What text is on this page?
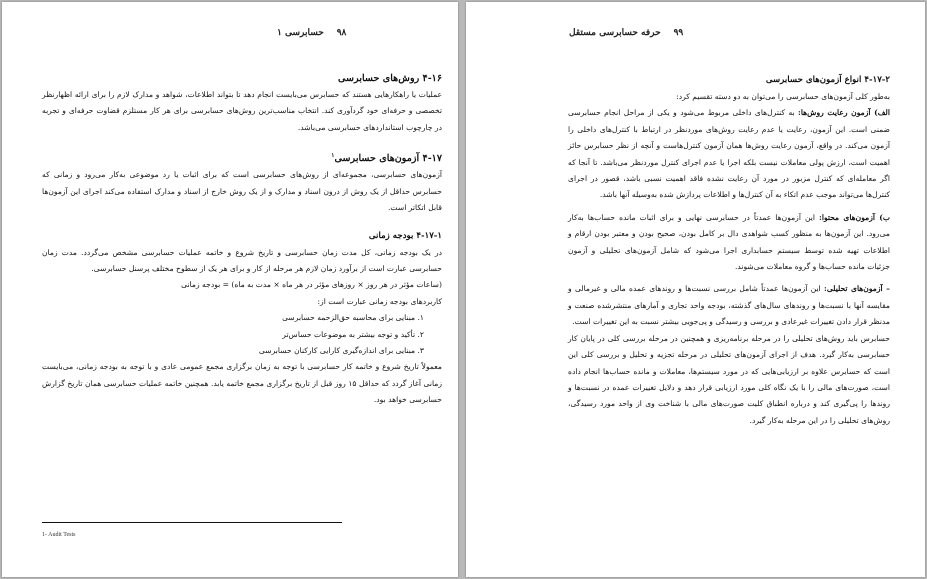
۹۸ حسابرسی ۱
۴-۱۶ روش‌های حسابرسی

عملیات یا راهکارهایی هستند که حسابرس می‌بایست انجام دهد تا بتواند اطلاعات، شواهد و مدارک لازم را برای ارائه اظهارنظر تخصصی و حرفه‌ای خود گردآوری کند. انتخاب مناسب‌ترین روش‌های حسابرسی برای هر کار مستلزم قضاوت حرفه‌ای و تجربه در چارچوب استانداردهای حسابرسی می‌باشد.

۴-۱۷ آزمون‌های حسابرسی$^۱$

آزمون‌های حسابرسی، مجموعه‌ای از روش‌های حسابرسی است که برای اثبات یا رد موضوعی به‌کار می‌رود و زمانی که حسابرس حداقل از یک روش از درون اسناد و مدارک و از یک روش خارج از اسناد و مدارک استفاده می‌کند اجرای این آزمون‌ها قابل اتکاتر است.

۴-۱۷-۱ بودجه زمانی

در یک بودجه زمانی، کل مدت زمان حسابرسی و تاریخ شروع و خاتمه عملیات حسابرسی مشخص می‌گردد. مدت زمان حسابرسی عبارت است از برآورد زمان لازم هر مرحله از کار و برای هر یک از سطوح مختلف پرسنل حسابرسی.

(ساعات مؤثر در هر روز × روزهای مؤثر در هر ماه × مدت به ماه) = بودجه زمانی

کاربردهای بودجه زمانی عبارت است از:

۱. مبنایی برای محاسبه حق‌الزحمه حسابرسی

۲. تأکید و توجه بیشتر به موضوعات حساس‌تر

۳. مبنایی برای اندازه‌گیری کارایی کارکنان حسابرسی

معمولاً تاریخ شروع و خاتمه کار حسابرسی با توجه به زمان برگزاری مجمع عمومی عادی و با توجه به بودجه زمانی، می‌بایست زمانی آغاز گردد که حداقل ۱۵ روز قبل از تاریخ برگزاری مجمع خاتمه یابد. همچنین خاتمه عملیات حسابرسی همان تاریخ گزارش حسابرسی خواهد بود.

1- Audit Tests
۹۹ حرفه حسابرسی مستقل
۴-۱۷-۲ انواع آزمون‌های حسابرسی

به‌طور کلی آزمون‌های حسابرسی را می‌توان به دو دسته تقسیم کرد:

الف) آزمون رعایت روش‌ها: به کنترل‌های داخلی مربوط می‌شود و یکی از مراحل انجام حسابرسی ضمنی است. این آزمون، رعایت یا عدم رعایت روش‌های موردنظر در ارتباط با کنترل‌های داخلی را آزمون می‌کند. در واقع، آزمون رعایت روش‌ها همان آزمون کنترل‌هاست و آنچه از نظر حسابرس حائز اهمیت است، ارزش پولی معاملات نیست بلکه اجرا یا عدم اجرای کنترل موردنظر می‌باشد. تا آنجا که اگر معامله‌ای که کنترل مزبور در مورد آن رعایت نشده فاقد اهمیت نسبی باشد، قصور در اجرای کنترل‌ها می‌تواند موجب عدم اتکاء به آن کنترل‌ها و اطلاعات پردازش شده به‌وسیله آنها باشد.

ب) آزمون‌های محتوا: این آزمون‌ها عمدتاً در حسابرسی نهایی و برای اثبات مانده حساب‌ها به‌کار می‌رود. این آزمون‌ها به منظور کسب شواهدی دال بر کامل بودن، صحیح بودن و معتبر بودن ارقام و اطلاعات تهیه شده توسط سیستم حسابداری اجرا می‌شود که شامل آزمون‌های تحلیلی و آزمون جزئیات مانده حساب‌ها و گروه معاملات می‌شوند.

– آزمون‌های تحلیلی: این آزمون‌ها عمدتاً شامل بررسی نسبت‌ها و روندهای عمده مالی و غیرمالی و مقایسه آنها با نسبت‌ها و روندهای سال‌های گذشته، بودجه واحد تجاری و آمارهای منتشرشده صنعت و مدنظر قرار دادن تغییرات غیرعادی و بررسی و رسیدگی و پی‌جویی بیشتر نسبت به این تغییرات است.

حسابرس باید روش‌های تحلیلی را در مرحله برنامه‌ریزی و همچنین در مرحله بررسی کلی در پایان کار حسابرسی به‌کار گیرد. هدف از اجرای آزمون‌های تحلیلی در مرحله تجزیه و تحلیل و بررسی کلی این است که حسابرس علاوه بر ارزیابی‌هایی که در مورد سیستم‌ها، معاملات و مانده حساب‌ها انجام داده است، صورت‌های مالی را با یک نگاه کلی مورد ارزیابی قرار دهد و دلایل تغییرات عمده در نسبت‌ها و روندها را پی‌گیری کند و درباره انطباق کلیت صورت‌های مالی با شناخت وی از واحد مورد رسیدگی، روش‌های تحلیلی را در این مرحله به‌کار گیرد.
